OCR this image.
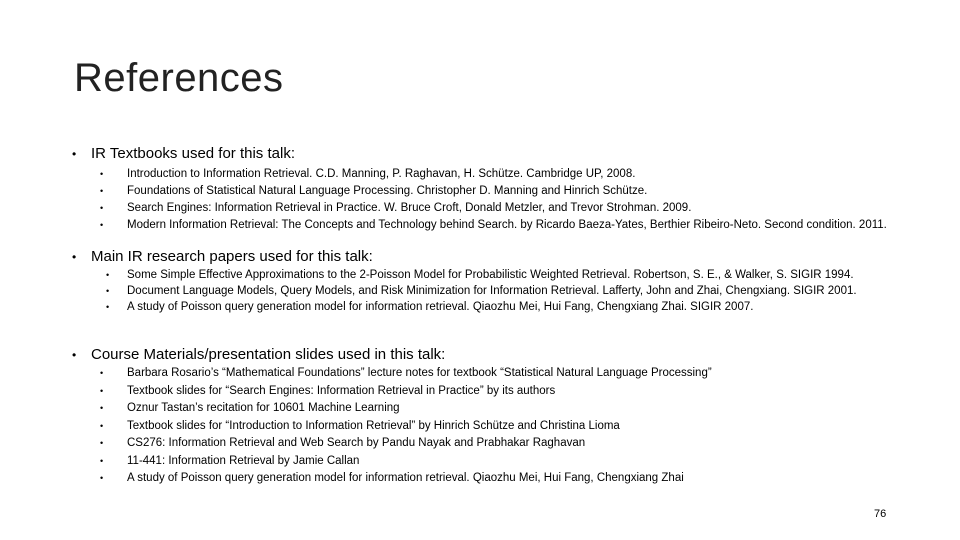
References
• IR Textbooks used for this talk:
•	Introduction to Information Retrieval. C.D. Manning, P. Raghavan, H. Schütze. Cambridge UP, 2008.
•	Foundations of Statistical Natural Language Processing. Christopher D. Manning and Hinrich Schütze.
•	Search Engines: Information Retrieval in Practice. W. Bruce Croft, Donald Metzler, and Trevor Strohman. 2009.
•	Modern Information Retrieval: The Concepts and Technology behind Search. by Ricardo Baeza-Yates, Berthier Ribeiro-Neto. Second condition. 2011.
• Main IR research papers used for this talk:
•	Some Simple Effective Approximations to the 2-Poisson Model for Probabilistic Weighted Retrieval. Robertson, S. E., & Walker, S. SIGIR 1994.
•	Document Language Models, Query Models, and Risk Minimization for Information Retrieval. Lafferty, John and Zhai, Chengxiang. SIGIR 2001.
•	A study of Poisson query generation model for information retrieval. Qiaozhu Mei, Hui Fang, Chengxiang Zhai. SIGIR 2007.
• Course Materials/presentation slides used in this talk:
•	Barbara Rosario’s “Mathematical Foundations” lecture notes for textbook “Statistical Natural Language Processing”
•	Textbook slides for “Search Engines: Information Retrieval in Practice” by its authors
•	Oznur Tastan’s recitation for 10601 Machine Learning
•	Textbook slides for “Introduction to Information Retrieval” by Hinrich Schütze and Christina Lioma
•	CS276: Information Retrieval and Web Search by Pandu Nayak and Prabhakar Raghavan
•	11-441: Information Retrieval by Jamie Callan
•	A study of Poisson query generation model for information retrieval. Qiaozhu Mei, Hui Fang, Chengxiang Zhai
76
